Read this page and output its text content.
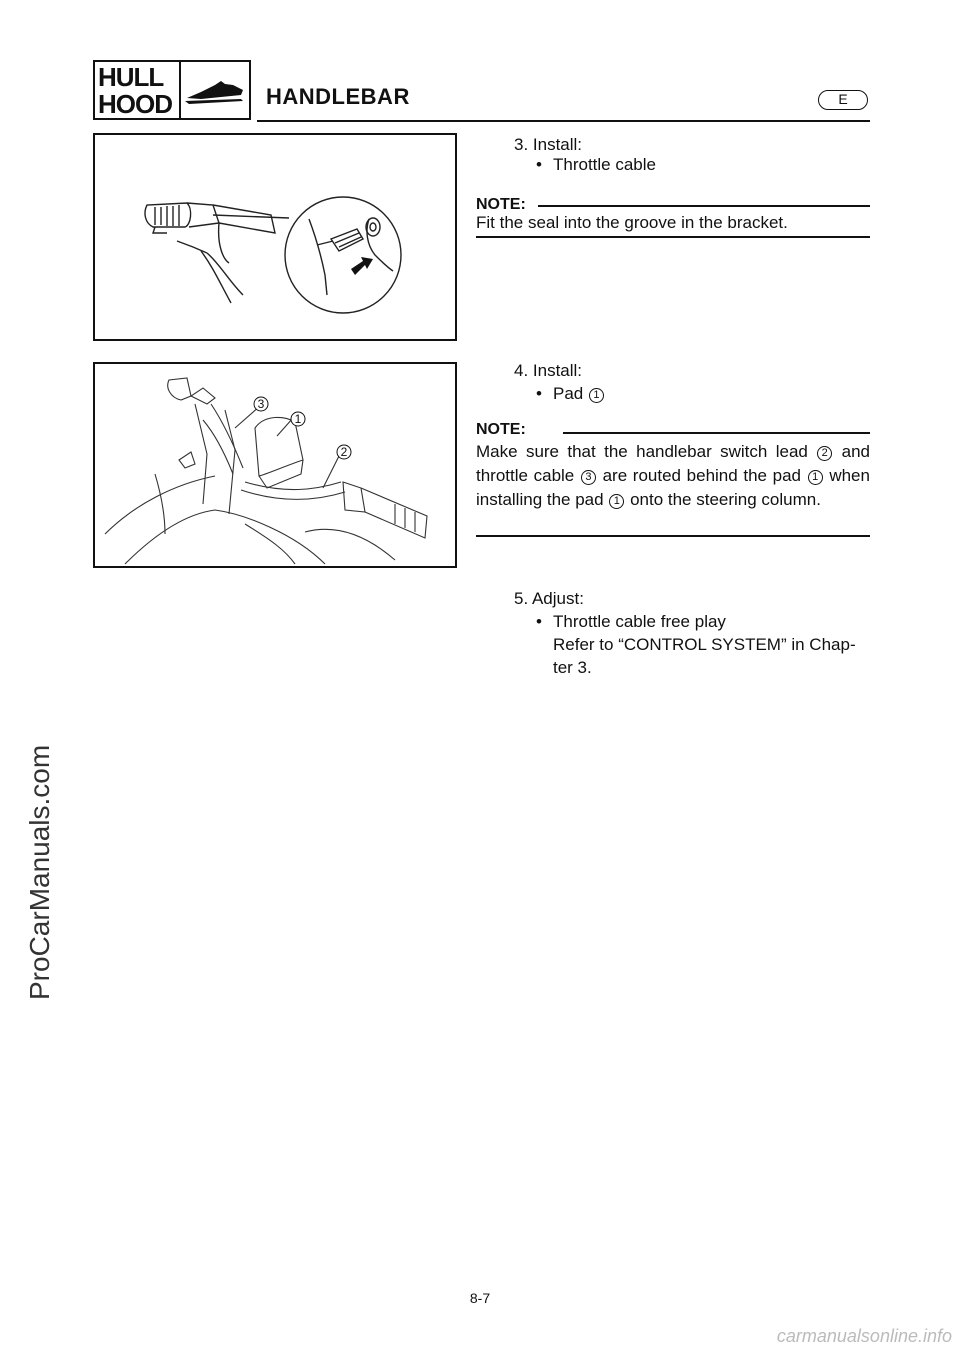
HULL
HOOD	HANDLEBAR	E
ProCarManuals.com
3. Install:
• Throttle cable
NOTE:
Fit the seal into the groove in the bracket.
3
1
2
4. Install:
• Pad 1
NOTE:
Make sure that the handlebar switch lead 2 and throttle cable 3 are routed behind the pad 1 when installing the pad 1 onto the steering column.
5. Adjust:
• Throttle cable free play
Refer to “CONTROL SYSTEM” in Chap-
ter 3.
8-7
carmanualsonline.info
